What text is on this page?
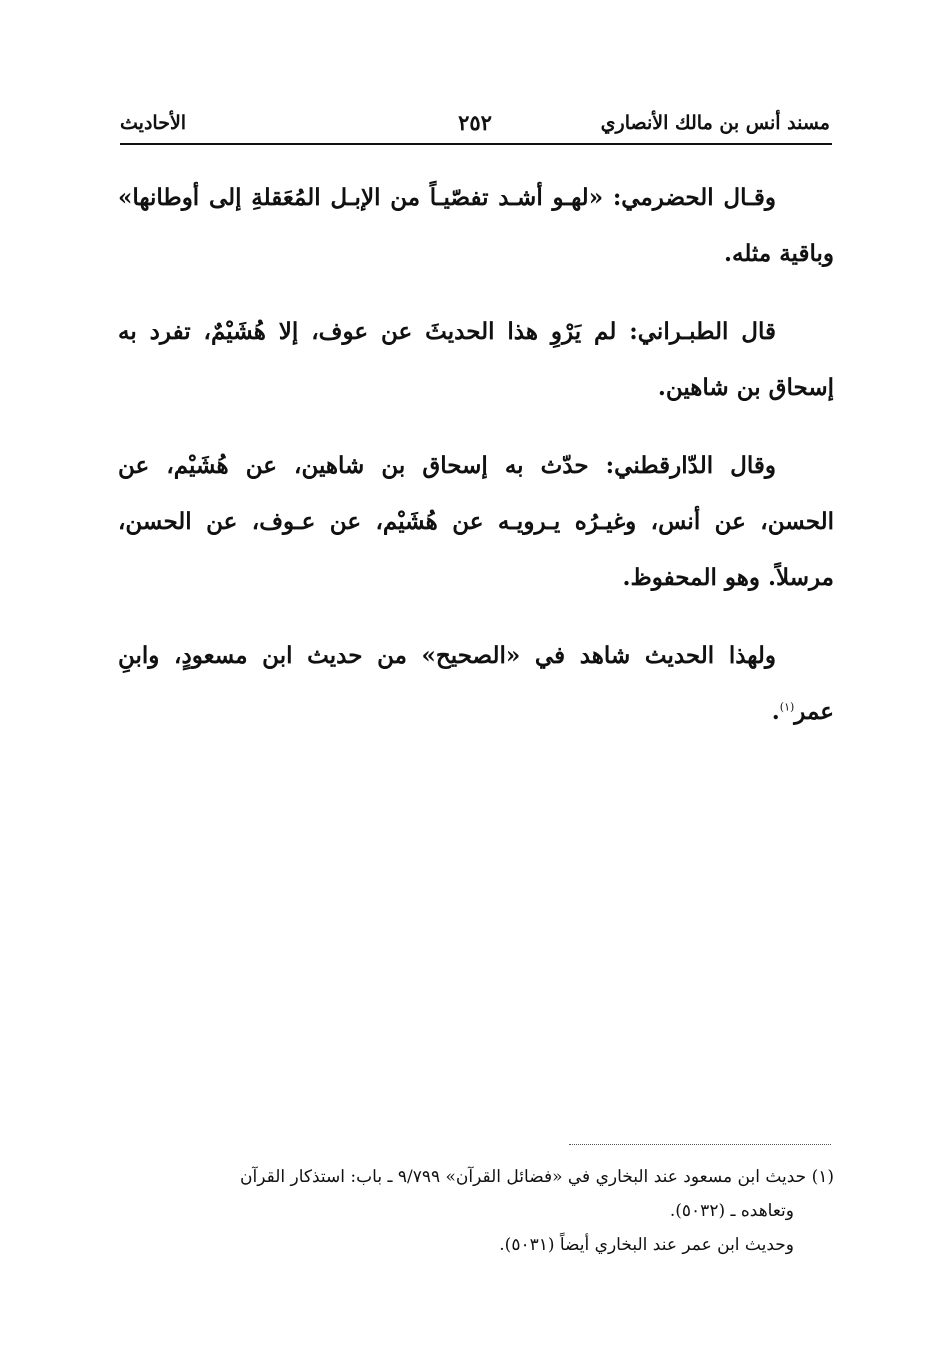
مسند أنس بن مالك الأنصاري
٢٥٢
الأحاديث

وقـال الحضرمي: «لهـو أشـد تفصّيـاً من الإبـل المُعَقلةِ إلى أوطانها» وباقية مثله.

قال الطبـراني: لم يَرْوِ هذا الحديثَ عن عوف، إلا هُشَيْمٌ، تفرد به إسحاق بن شاهين.

وقال الدّارقطني: حدّث به إسحاق بن شاهين، عن هُشَيْم، عن الحسن، عن أنس، وغيـرُه يـرويـه عن هُشَيْم، عن عـوف، عن الحسن، مرسلاً. وهو المحفوظ.

ولهذا الحديث شاهد في «الصحيح» من حديث ابن مسعودٍ، وابنِ عمر$^{(١)}$.

(١) حديث ابن مسعود عند البخاري في «فضائل القرآن» ٩/٧٩٩ ـ باب: استذكار القرآن

وتعاهده ـ (٥٠٣٢).

وحديث ابن عمر عند البخاري أيضاً (٥٠٣١).
